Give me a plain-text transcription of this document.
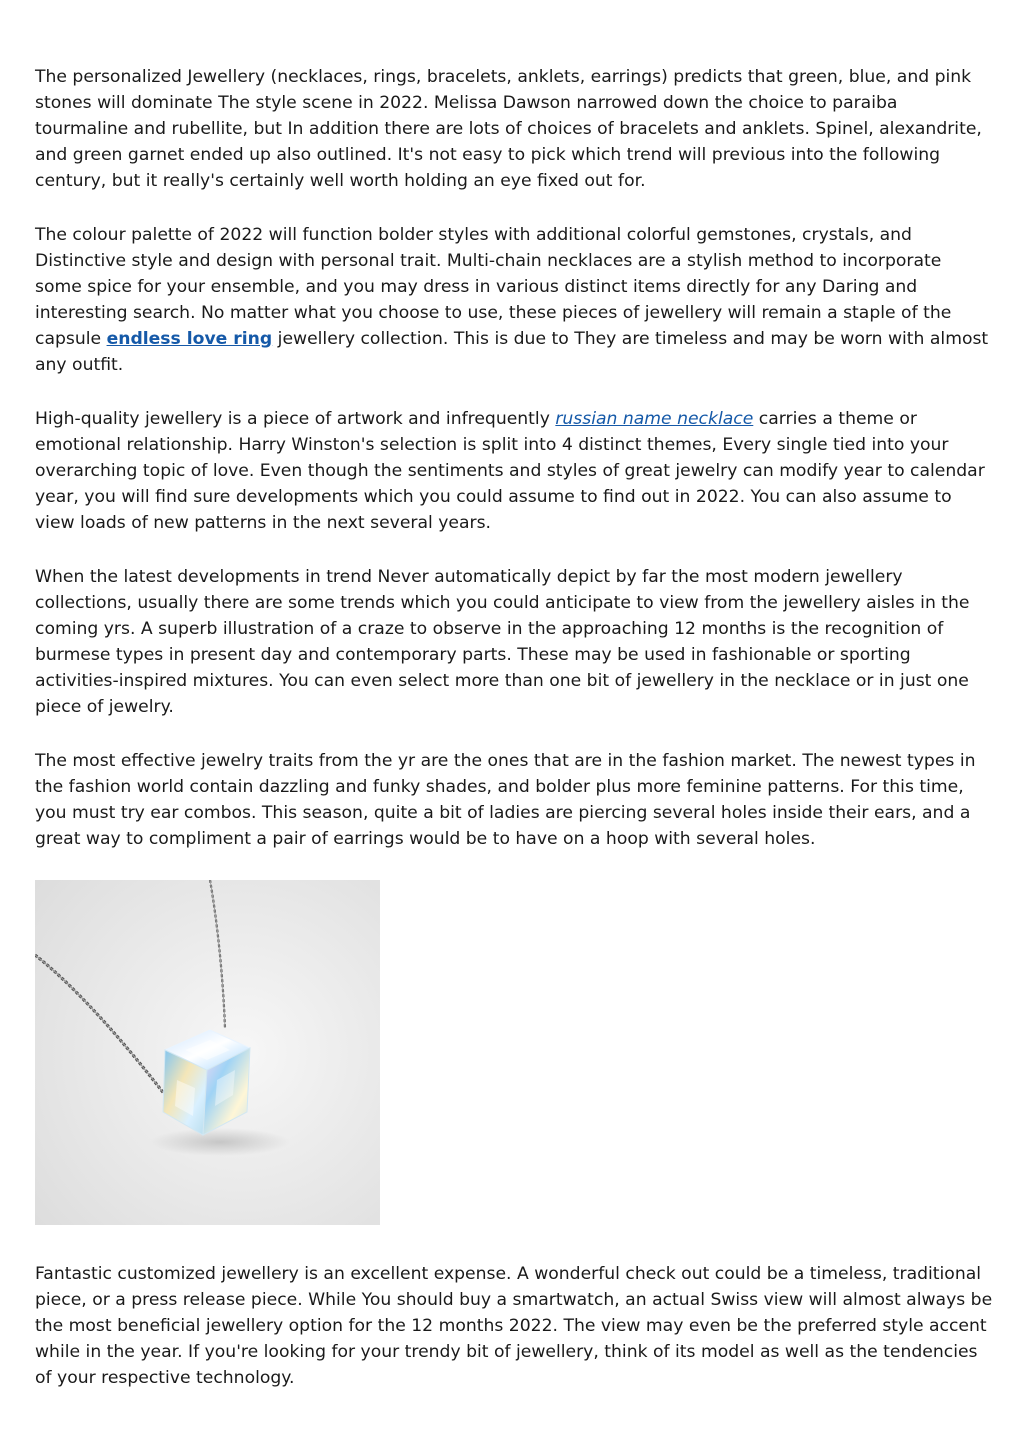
The personalized Jewellery (necklaces, rings, bracelets, anklets, earrings) predicts that green, blue, and pink stones will dominate The style scene in 2022. Melissa Dawson narrowed down the choice to paraiba tourmaline and rubellite, but In addition there are lots of choices of bracelets and anklets. Spinel, alexandrite, and green garnet ended up also outlined. It's not easy to pick which trend will previous into the following century, but it really's certainly well worth holding an eye fixed out for.

The colour palette of 2022 will function bolder styles with additional colorful gemstones, crystals, and Distinctive style and design with personal trait. Multi-chain necklaces are a stylish method to incorporate some spice for your ensemble, and you may dress in various distinct items directly for any Daring and interesting search. No matter what you choose to use, these pieces of jewellery will remain a staple of the capsule endless love ring jewellery collection. This is due to They are timeless and may be worn with almost any outfit.

High-quality jewellery is a piece of artwork and infrequently russian name necklace carries a theme or emotional relationship. Harry Winston's selection is split into 4 distinct themes, Every single tied into your overarching topic of love. Even though the sentiments and styles of great jewelry can modify year to calendar year, you will find sure developments which you could assume to find out in 2022. You can also assume to view loads of new patterns in the next several years.

When the latest developments in trend Never automatically depict by far the most modern jewellery collections, usually there are some trends which you could anticipate to view from the jewellery aisles in the coming yrs. A superb illustration of a craze to observe in the approaching 12 months is the recognition of burmese types in present day and contemporary parts. These may be used in fashionable or sporting activities-inspired mixtures. You can even select more than one bit of jewellery in the necklace or in just one piece of jewelry.

The most effective jewelry traits from the yr are the ones that are in the fashion market. The newest types in the fashion world contain dazzling and funky shades, and bolder plus more feminine patterns. For this time, you must try ear combos. This season, quite a bit of ladies are piercing several holes inside their ears, and a great way to compliment a pair of earrings would be to have on a hoop with several holes.

Fantastic customized jewellery is an excellent expense. A wonderful check out could be a timeless, traditional piece, or a press release piece. While You should buy a smartwatch, an actual Swiss view will almost always be the most beneficial jewellery option for the 12 months 2022. The view may even be the preferred style accent while in the year. If you're looking for your trendy bit of jewellery, think of its model as well as the tendencies of your respective technology.
